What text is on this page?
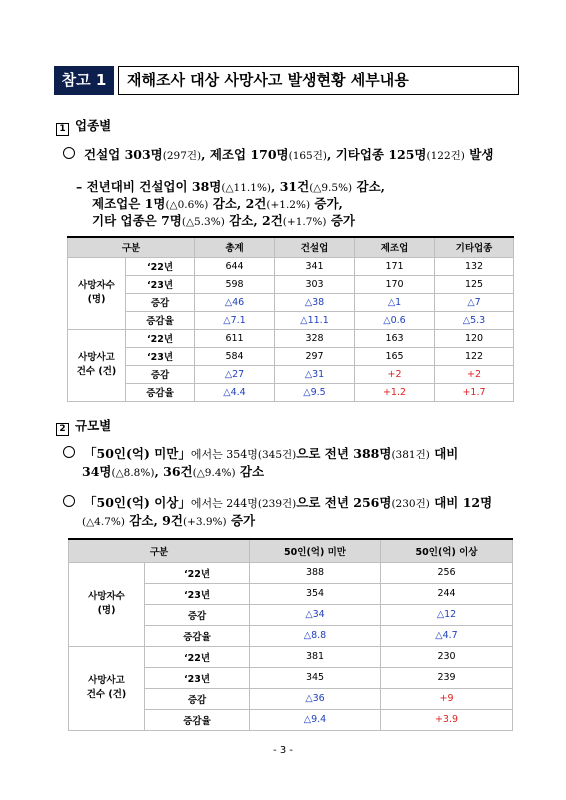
참고 1	재해조사 대상 사망사고 발생현황 세부내용
1 업종별
건설업 303명(297건), 제조업 170명(165건), 기타업종 125명(122건) 발생
– 전년대비 건설업이 38명(△11.1%), 31건(△9.5%) 감소,
제조업은 1명(△0.6%) 감소, 2건(+1.2%) 증가,
기타 업종은 7명(△5.3%) 감소, 2건(+1.7%) 증가
구분		총계	건설업	제조업	기타업종
사망자수
(명)	‘22년	644	341	171	132
	‘23년	598	303	170	125
	증감	△46	△38	△1	△7
	증감율	△7.1	△11.1	△0.6	△5.3
사망사고
건수 (건)	‘22년	611	328	163	120
	‘23년	584	297	165	122
	증감	△27	△31	+2	+2
	증감율	△4.4	△9.5	+1.2	+1.7
2 규모별
「50인(억) 미만」에서는 354명(345건)으로 전년 388명(381건) 대비
34명(△8.8%), 36건(△9.4%) 감소
「50인(억) 이상」에서는 244명(239건)으로 전년 256명(230건) 대비 12명
(△4.7%) 감소, 9건(+3.9%) 증가
구분		50인(억) 미만	50인(억) 이상
사망자수
(명)	‘22년	388	256
	‘23년	354	244
	증감	△34	△12
	증감율	△8.8	△4.7
사망사고
건수 (건)	‘22년	381	230
	‘23년	345	239
	증감	△36	+9
	증감율	△9.4	+3.9
- 3 -
